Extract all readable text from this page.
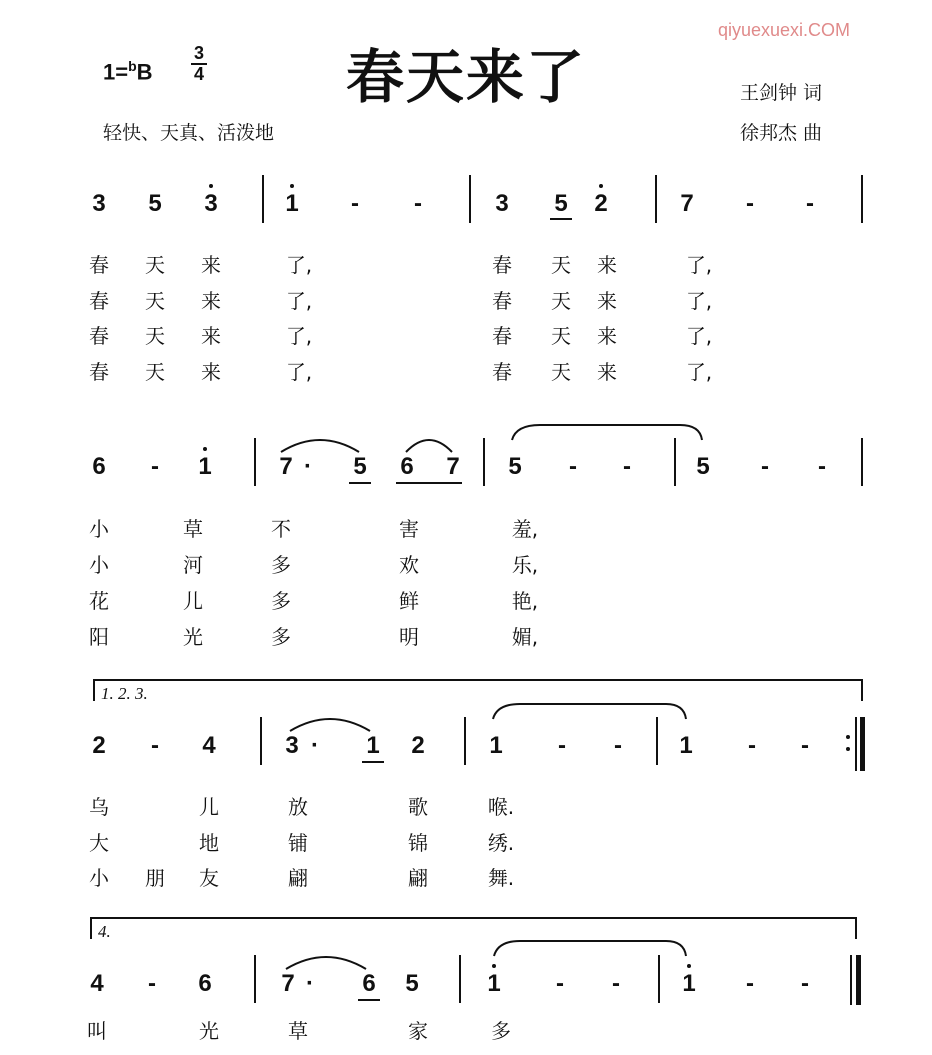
qiyuexuexi.COM
1=$^b$B
3
4	春天来了
轻快、天真、活泼地
王剑钟 词
徐邦杰 曲
3	5	3	1	-	-	3	5	2	7	-	-
春 天 来	了,	春 天 来	了,
春 天 来	了,	春 天 来	了,
春 天 来	了,	春 天 来	了,
春 天 来	了,	春 天 来	了,
6	-	1	7 ·	5	6	7	5	-	-	5	-	-
小	草	不	害	羞,
小	河	多	欢	乐,
花	儿	多	鲜	艳,
阳	光	多	明	媚,
1. 2. 3.
2	-	4	3 ·	1	2	1	-	-	1	-	-
乌	儿	放	歌	喉.
大	地	铺	锦	绣.
小 朋 友	翩	翩	舞.
4.
4	-	6	7 ·	6	5	1	-	-	1	-	-
叫	光	草	家	多
